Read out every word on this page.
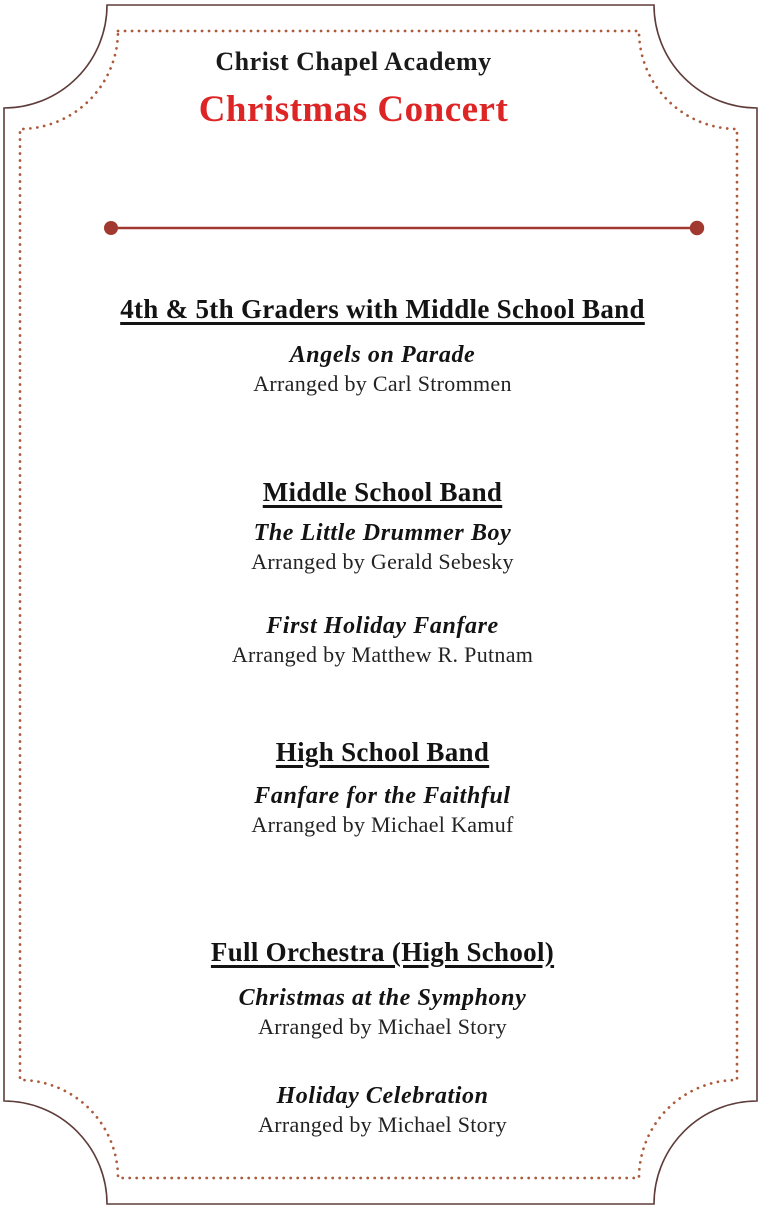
Christ Chapel Academy
Christmas Concert
4th & 5th Graders with Middle School Band
Angels on Parade
Arranged by Carl Strommen
Middle School Band
The Little Drummer Boy
Arranged by Gerald Sebesky
First Holiday Fanfare
Arranged by Matthew R. Putnam
High School Band
Fanfare for the Faithful
Arranged by Michael Kamuf
Full Orchestra (High School)
Christmas at the Symphony
Arranged by Michael Story
Holiday Celebration
Arranged by Michael Story
